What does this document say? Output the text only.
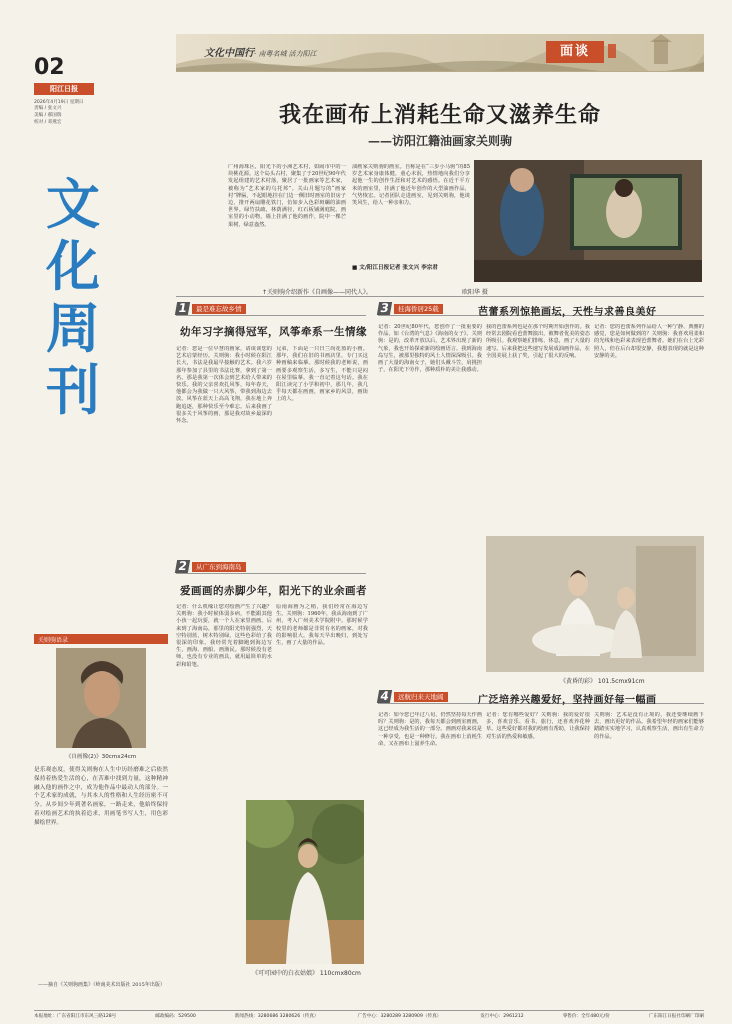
02
阳江日报
2026年4月19日 星期日
责编 / 张文兴
美编 / 郝国瑞
校对 / 邓燕宏
文
化
周
刊
文化中国行· 南粤名城 活力阳江	面谈
我在画布上消耗生命又滋养生命
——访阳江籍油画家关则驹
广州海珠区，阳光下的小洲艺术村，如闹市中的一块桃花源。这个岛头古村，聚集了于20世纪90年代发起组建的艺术村落，聚居了一批画家等艺术家，被称为“艺术家的乌托邦”。关山月题写的“画家村”牌匾，不起眼地挂在门边一侧旧时画室的旧房子边，推开两扇雕花铁门，仿如步入色彩斑斓的油画世界。绿竹扶疏，林荫满径，红石板铺满庭院。画室里的小动物，墙上挂满了他的画作，院中一棵芒果树，绿意盎然。
油画家关则驹的画室。自称是在“三步小马驹”的85岁艺术家身康体健，童心未泯，热情地向我们分享起他一生的创作生涯和对艺术的感悟。在近千平方米的画室里，挂满了他近年创作的大型油画作品，气势恢宏。记者团队走进画室，见到关则驹，他谈笑风生，给人一种亲和力。
■ 文/阳江日报记者 张文兴 李宗君
↑关则驹介绍新作《自画像——同代人》。	欧阳华 摄
关则驹语录
《自画像(2)》30cmx24cm
是乐观态度，使得关则驹在人生中历经磨难之后依然保持着热爱生活的心，在苦难中找到力量，这种精神融入他的画作之中，成为他作品中最动人的部分。一个艺术家的成就，与其本人的性格和人生经历密不可分。从乡间少年到著名画家，一路走来，他始终保持着对绘画艺术的执着追求，用画笔书写人生，用色彩描绘世界。
——摘自《关则驹画集》（岭南美术出版社 2015年出版）
1 最是难忘故乡情
幼年习字摘得冠军，风筝牵系一生情缘
记者：您是一位早慧的画家，请谈谈您的艺术启蒙经历。关则驹：我小时候在阳江长大，书法是我最早接触的艺术。我六岁那年参加了县里的书法比赛，拿到了第一名。那是我第一次体会到艺术给人带来的快乐。我的父亲喜欢扎风筝，每年春天，他都会为我做一只大风筝，带我到海边去放。风筝在蓝天上高高飞翔，我在地上奔跑追逐，那种快乐至今难忘。后来我画了很多关于风筝的画，那是我对故乡最深的怀念。
兄弟，下面是一只曰兰尚花篮的小画。那年，我们在旧的书画店里，专门买这种画稿来临摹。那时候我的老师说，画画要多观察生活，多写生，不能只是闷在屋里临摹。我一直记着这句话。我在阳江读完了小学和初中，那几年，我几乎每天都在画画，画家乡的风景，画街上的人。
2 从广东到海南岛
爱画画的赤脚少年，阳光下的业余画者
记者：什么机缘让您对绘画产生了兴趣？关则驹：我小时候体弱多病，不能跟其他小孩一起玩耍，就一个人在家里画画。后来到了海南岛，那里的阳光特别强烈，天空特别蓝，树木特别绿，这些色彩给了我很深的印象。我经常光着脚跑到海边写生，画海、画船、画渔民。那时候没有老师，也没有专业的画具，就用最简单的水彩和铅笔。
原南海画为之稍，我们经常在海边写生。关则驹：1960年，我从海南到了广州，考入广州美术学院附中。那时候学校里的老师都是非常有名的画家，对我的影响很大。我每天早出晚归，到处写生，画了大量的作品。
《可可园中的白衣姑娘》 110cmx80cm
3 桂海侨居25载	芭蕾系列惊艳画坛，天性与求善良美好
记者：20世纪80年代，您创作了一批重要的作品，如《台湾的气息》《海南的女子》。关则驹：是的，改革开放以后，艺术界出现了新的气象，我也开始探索新的绘画语言。我到海南岛写生，被那里独特的风土人情深深吸引。我画了大量的海南女子，她们头戴斗笠，肩挑担子，在阳光下劳作，那种质朴的美让我感动。
我的芭蕾系列也是在那个时期开始创作的。我经常去剧院看芭蕾舞演出，被舞者优美的姿态所吸引。我观察她们排练、休息，画了大量的速写。后来我把这些速写发展成油画作品，在全国美展上获了奖，引起了很大的反响。
记者：您的芭蕾系列作品给人一种宁静、典雅的感觉，您是如何做到的？关则驹：我喜欢用柔和的光线和色彩来表现芭蕾舞者。她们在台上光彩照人，但在后台却很安静，我想表现的就是这种安静的美。
《黄昏的彩》 101.5cmx91cm
4 远航归来天地阔	广泛培养兴趣爱好，坚持画好每一幅画
记者：如今您已年过八旬，仍然坚持每天作画吗？关则驹：是的，我每天都会到画室画画，这已经成为我生活的一部分。画画对我来说是一种享受，也是一种修行。我在画布上消耗生命，又在画布上滋养生命。
记者：您有哪些爱好？关则驹：我的爱好很多，喜欢音乐、看书、旅行，还喜欢养花种草。这些爱好都对我的绘画有帮助，让我保持对生活的热爱和敏感。
关则驹：艺术是没有止境的，我还要继续画下去，画出更好的作品。我希望年轻的画家们能够踏踏实实地学习，认真观察生活，画出有生命力的作品。
本报地址：广东省阳江市东风三路128号	邮政编码：529500	新闻热线：3280686 3280626（传真）	广告中心：3280289 3280909（传真）	发行中心：2961212	零售价：全年480元/份	广东阳江日报社印刷厂印刷
